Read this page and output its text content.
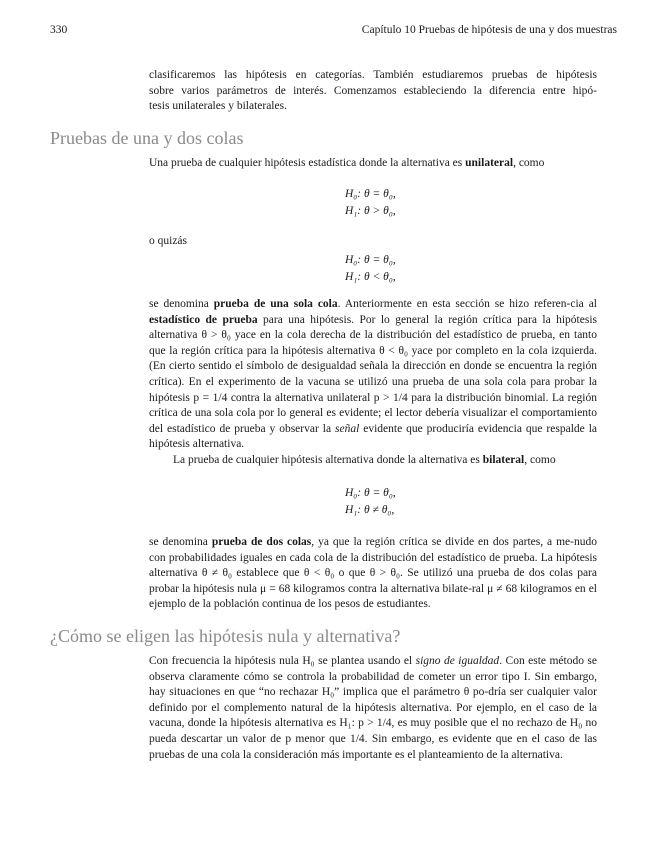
330	Capítulo 10 Pruebas de hipótesis de una y dos muestras

clasificaremos las hipótesis en categorías. También estudiaremos pruebas de hipótesis

sobre varios parámetros de interés. Comenzamos estableciendo la diferencia entre hipó-

tesis unilaterales y bilaterales.

Pruebas de una y dos colas

Una prueba de cualquier hipótesis estadística donde la alternativa es unilateral, como

H₀: θ = θ₀,
H₁: θ > θ₀,
o quizás
H₀: θ = θ₀,
H₁: θ < θ₀,

se denomina prueba de una sola cola. Anteriormente en esta sección se hizo referen-cia al estadístico de prueba para una hipótesis. Por lo general la región crítica para la hipótesis alternativa θ > θ₀ yace en la cola derecha de la distribución del estadístico de prueba, en tanto que la región crítica para la hipótesis alternativa θ < θ₀ yace por completo en la cola izquierda. (En cierto sentido el símbolo de desigualdad señala la dirección en donde se encuentra la región crítica). En el experimento de la vacuna se utilizó una prueba de una sola cola para probar la hipótesis p = 1/4 contra la alternativa unilateral p > 1/4 para la distribución binomial. La región crítica de una sola cola por lo general es evidente; el lector debería visualizar el comportamiento del estadístico de prueba y observar la señal evidente que produciría evidencia que respalde la hipótesis alternativa.

La prueba de cualquier hipótesis alternativa donde la alternativa es bilateral, como

H₀: θ = θ₀,
H₁: θ ≠ θ₀,

se denomina prueba de dos colas, ya que la región crítica se divide en dos partes, a me-nudo con probabilidades iguales en cada cola de la distribución del estadístico de prueba. La hipótesis alternativa θ ≠ θ₀ establece que θ < θ₀ o que θ > θ₀. Se utilizó una prueba de dos colas para probar la hipótesis nula μ = 68 kilogramos contra la alternativa bilate-ral μ ≠ 68 kilogramos en el ejemplo de la población continua de los pesos de estudiantes.

¿Cómo se eligen las hipótesis nula y alternativa?

Con frecuencia la hipótesis nula H₀ se plantea usando el signo de igualdad. Con este método se observa claramente cómo se controla la probabilidad de cometer un error tipo I. Sin embargo, hay situaciones en que “no rechazar H₀” implica que el parámetro θ po-dría ser cualquier valor definido por el complemento natural de la hipótesis alternativa. Por ejemplo, en el caso de la vacuna, donde la hipótesis alternativa es H₁: p > 1/4, es muy posible que el no rechazo de H₀ no pueda descartar un valor de p menor que 1/4. Sin embargo, es evidente que en el caso de las pruebas de una cola la consideración más importante es el planteamiento de la alternativa.
